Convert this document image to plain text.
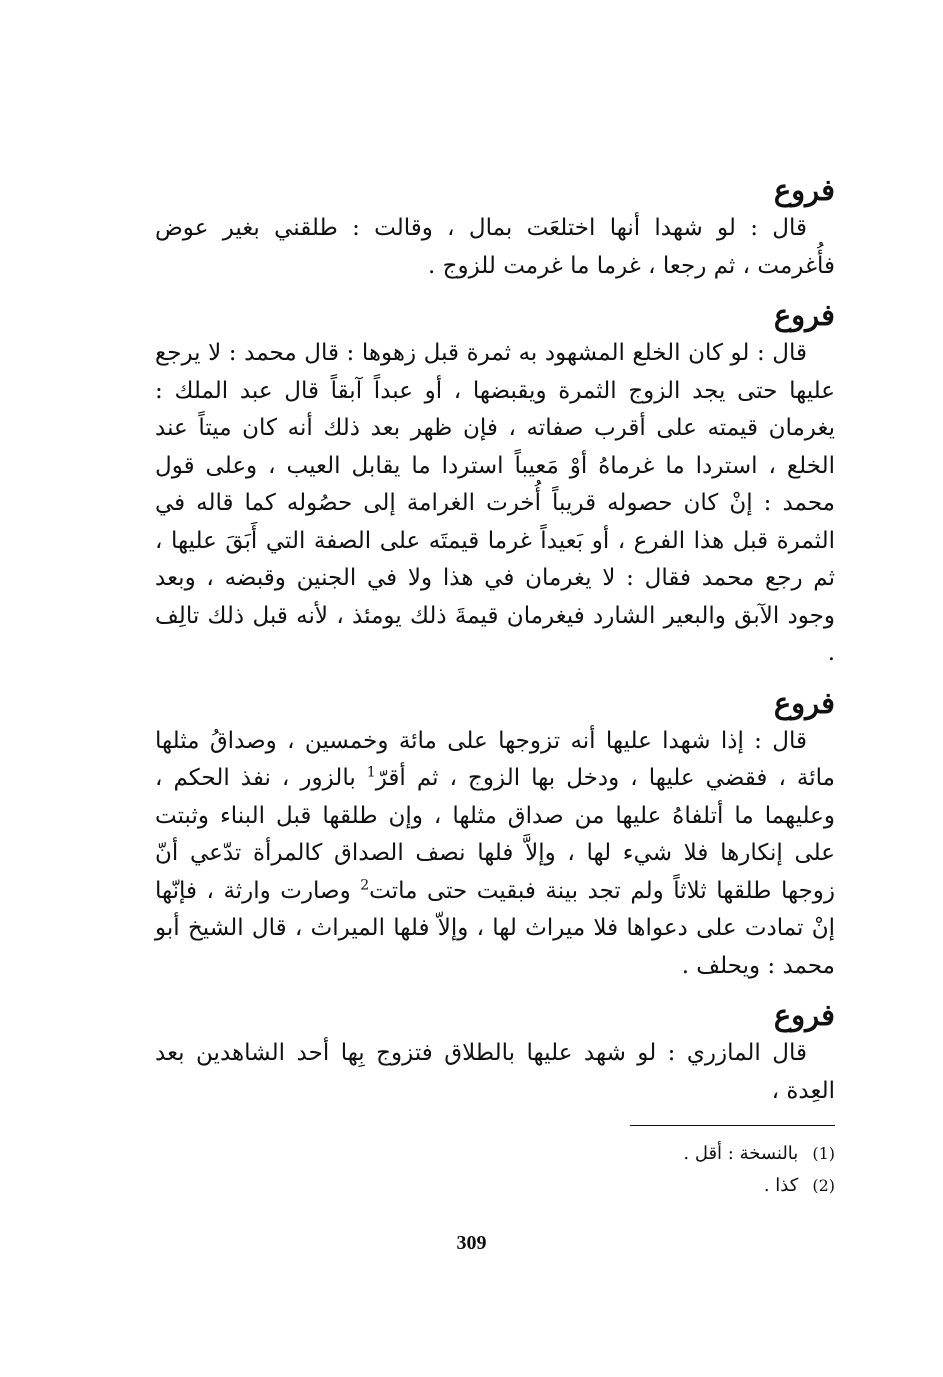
فروع

قال : لو شهدا أنها اختلعَت بمال ، وقالت : طلقني بغير عوض فأُغرمت ، ثم رجعا ، غرما ما غرمت للزوج .

فروع

قال : لو كان الخلع المشهود به ثمرة قبل زهوها : قال محمد : لا يرجع عليها حتى يجد الزوج الثمرة ويقبضها ، أو عبداً آبقاً قال عبد الملك : يغرمان قيمته على أقرب صفاته ، فإن ظهر بعد ذلك أنه كان ميتاً عند الخلع ، استردا ما غرماهُ أوْ مَعيباً استردا ما يقابل العيب ، وعلى قول محمد : إنْ كان حصوله قريباً أُخرت الغرامة إلى حصُوله كما قاله في الثمرة قبل هذا الفرع ، أو بَعيداً غرما قيمتَه على الصفة التي أَبَقَ عليها ، ثم رجع محمد فقال : لا يغرمان في هذا ولا في الجنين وقبضه ، وبعد وجود الآبق والبعير الشارد فيغرمان قيمةَ ذلك يومئذ ، لأنه قبل ذلك تالِف .

فروع

قال : إذا شهدا عليها أنه تزوجها على مائة وخمسين ، وصداقُ مثلها مائة ، فقضي عليها ، ودخل بها الزوج ، ثم أقرّ$^1$ بالزور ، نفذ الحكم ، وعليهما ما أتلفاهُ عليها من صداق مثلها ، وإن طلقها قبل البناء وثبتت على إنكارها فلا شيء لها ، وإلاَّ فلها نصف الصداق كالمرأة تدّعي أنّ زوجها طلقها ثلاثاً ولم تجد بينة فبقيت حتى ماتت$^2$ وصارت وارثة ، فإنّها إنْ تمادت على دعواها فلا ميراث لها ، وإلاّ فلها الميراث ، قال الشيخ أبو محمد : ويحلف .

فروع

قال المازري : لو شهد عليها بالطلاق فتزوج بِها أحد الشاهدين بعد العِدة ،

(1)بالنسخة : أقل .
(2)كذا .
309
